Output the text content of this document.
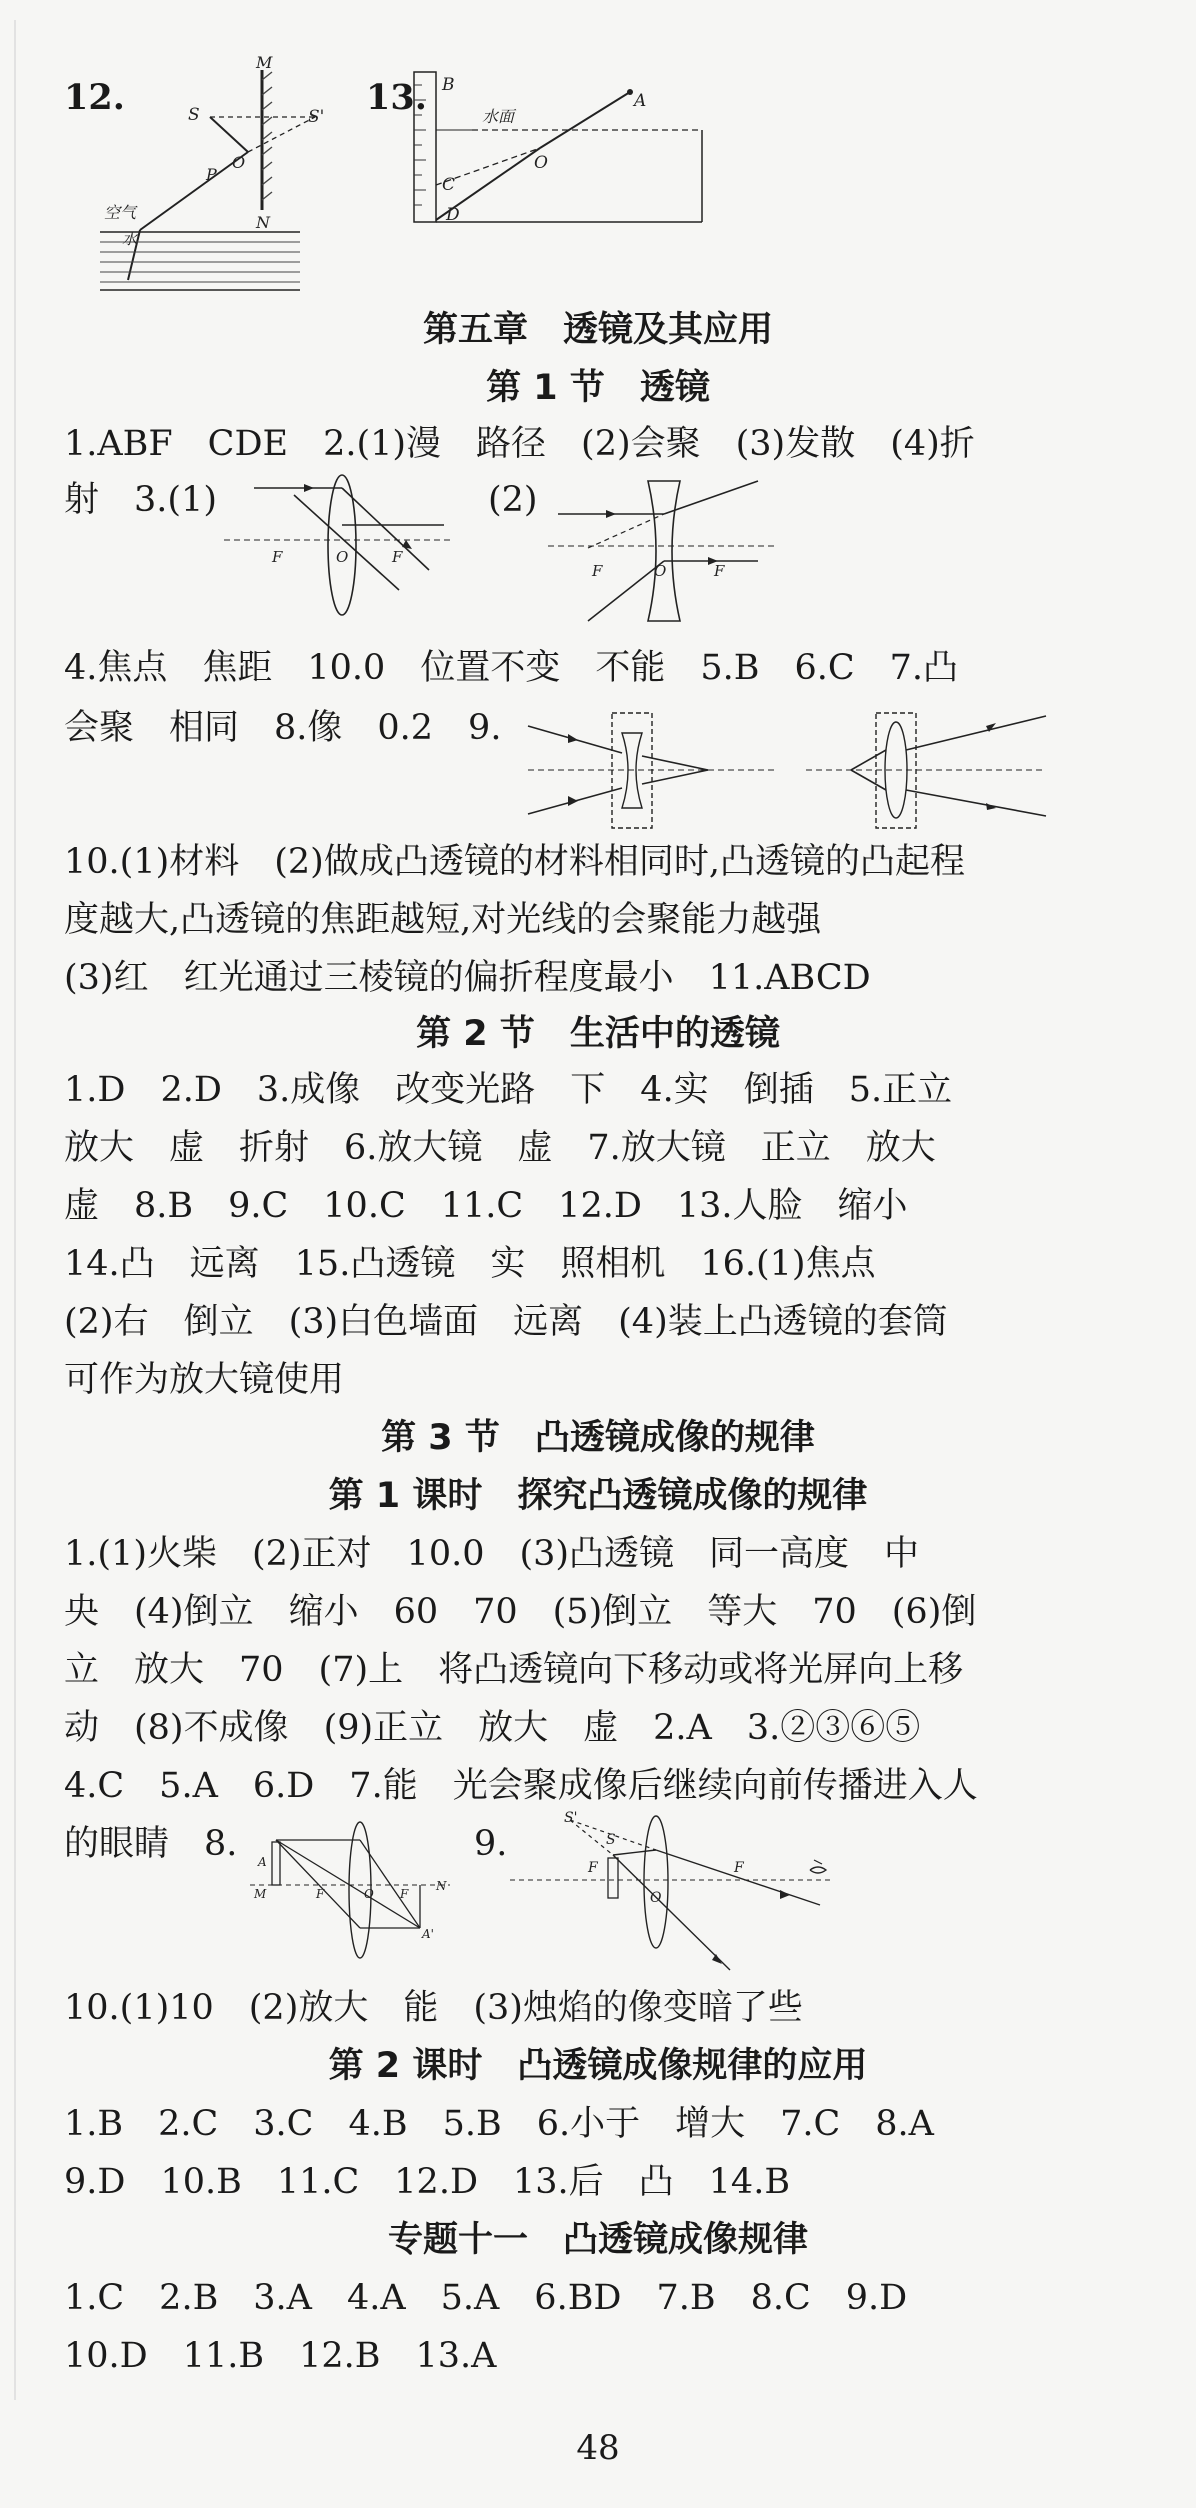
12.	S	S'
M
N
O
P
空气
水
13. B
A
O
C
D
水面
第五章　透镜及其应用
第 1 节　透镜
1.ABF　CDE　2.(1)漫　路径　(2)会聚　(3)发散　(4)折
射　3.(1)	(2)
F	O	F
F	O	F
4.焦点　焦距　10.0　位置不变　不能　5.B　6.C　7.凸
会聚　相同　8.像　0.2　9.
10.(1)材料　(2)做成凸透镜的材料相同时,凸透镜的凸起程
度越大,凸透镜的焦距越短,对光线的会聚能力越强
(3)红　红光通过三棱镜的偏折程度最小　11.ABCD
第 2 节　生活中的透镜
1.D　2.D　3.成像　改变光路　下　4.实　倒插　5.正立
放大　虚　折射　6.放大镜　虚　7.放大镜　正立　放大
虚　8.B　9.C　10.C　11.C　12.D　13.人脸　缩小
14.凸　远离　15.凸透镜　实　照相机　16.(1)焦点
(2)右　倒立　(3)白色墙面　远离　(4)装上凸透镜的套筒
可作为放大镜使用
第 3 节　凸透镜成像的规律
第 1 课时　探究凸透镜成像的规律
1.(1)火柴　(2)正对　10.0　(3)凸透镜　同一高度　中
央　(4)倒立　缩小　60　70　(5)倒立　等大　70　(6)倒
立　放大　70　(7)上　将凸透镜向下移动或将光屏向上移
动　(8)不成像　(9)正立　放大　虚　2.A　3.②③⑥⑤
4.C　5.A　6.D　7.能　光会聚成像后继续向前传播进入人
的眼睛　8.	9.
A
M
N
F	O F
A'
S'
S
F
O
F
10.(1)10　(2)放大　能　(3)烛焰的像变暗了些
第 2 课时　凸透镜成像规律的应用
1.B　2.C　3.C　4.B　5.B　6.小于　增大　7.C　8.A
9.D　10.B　11.C　12.D　13.后　凸　14.B
专题十一　凸透镜成像规律
1.C　2.B　3.A　4.A　5.A　6.BD　7.B　8.C　9.D
10.D　11.B　12.B　13.A
48
